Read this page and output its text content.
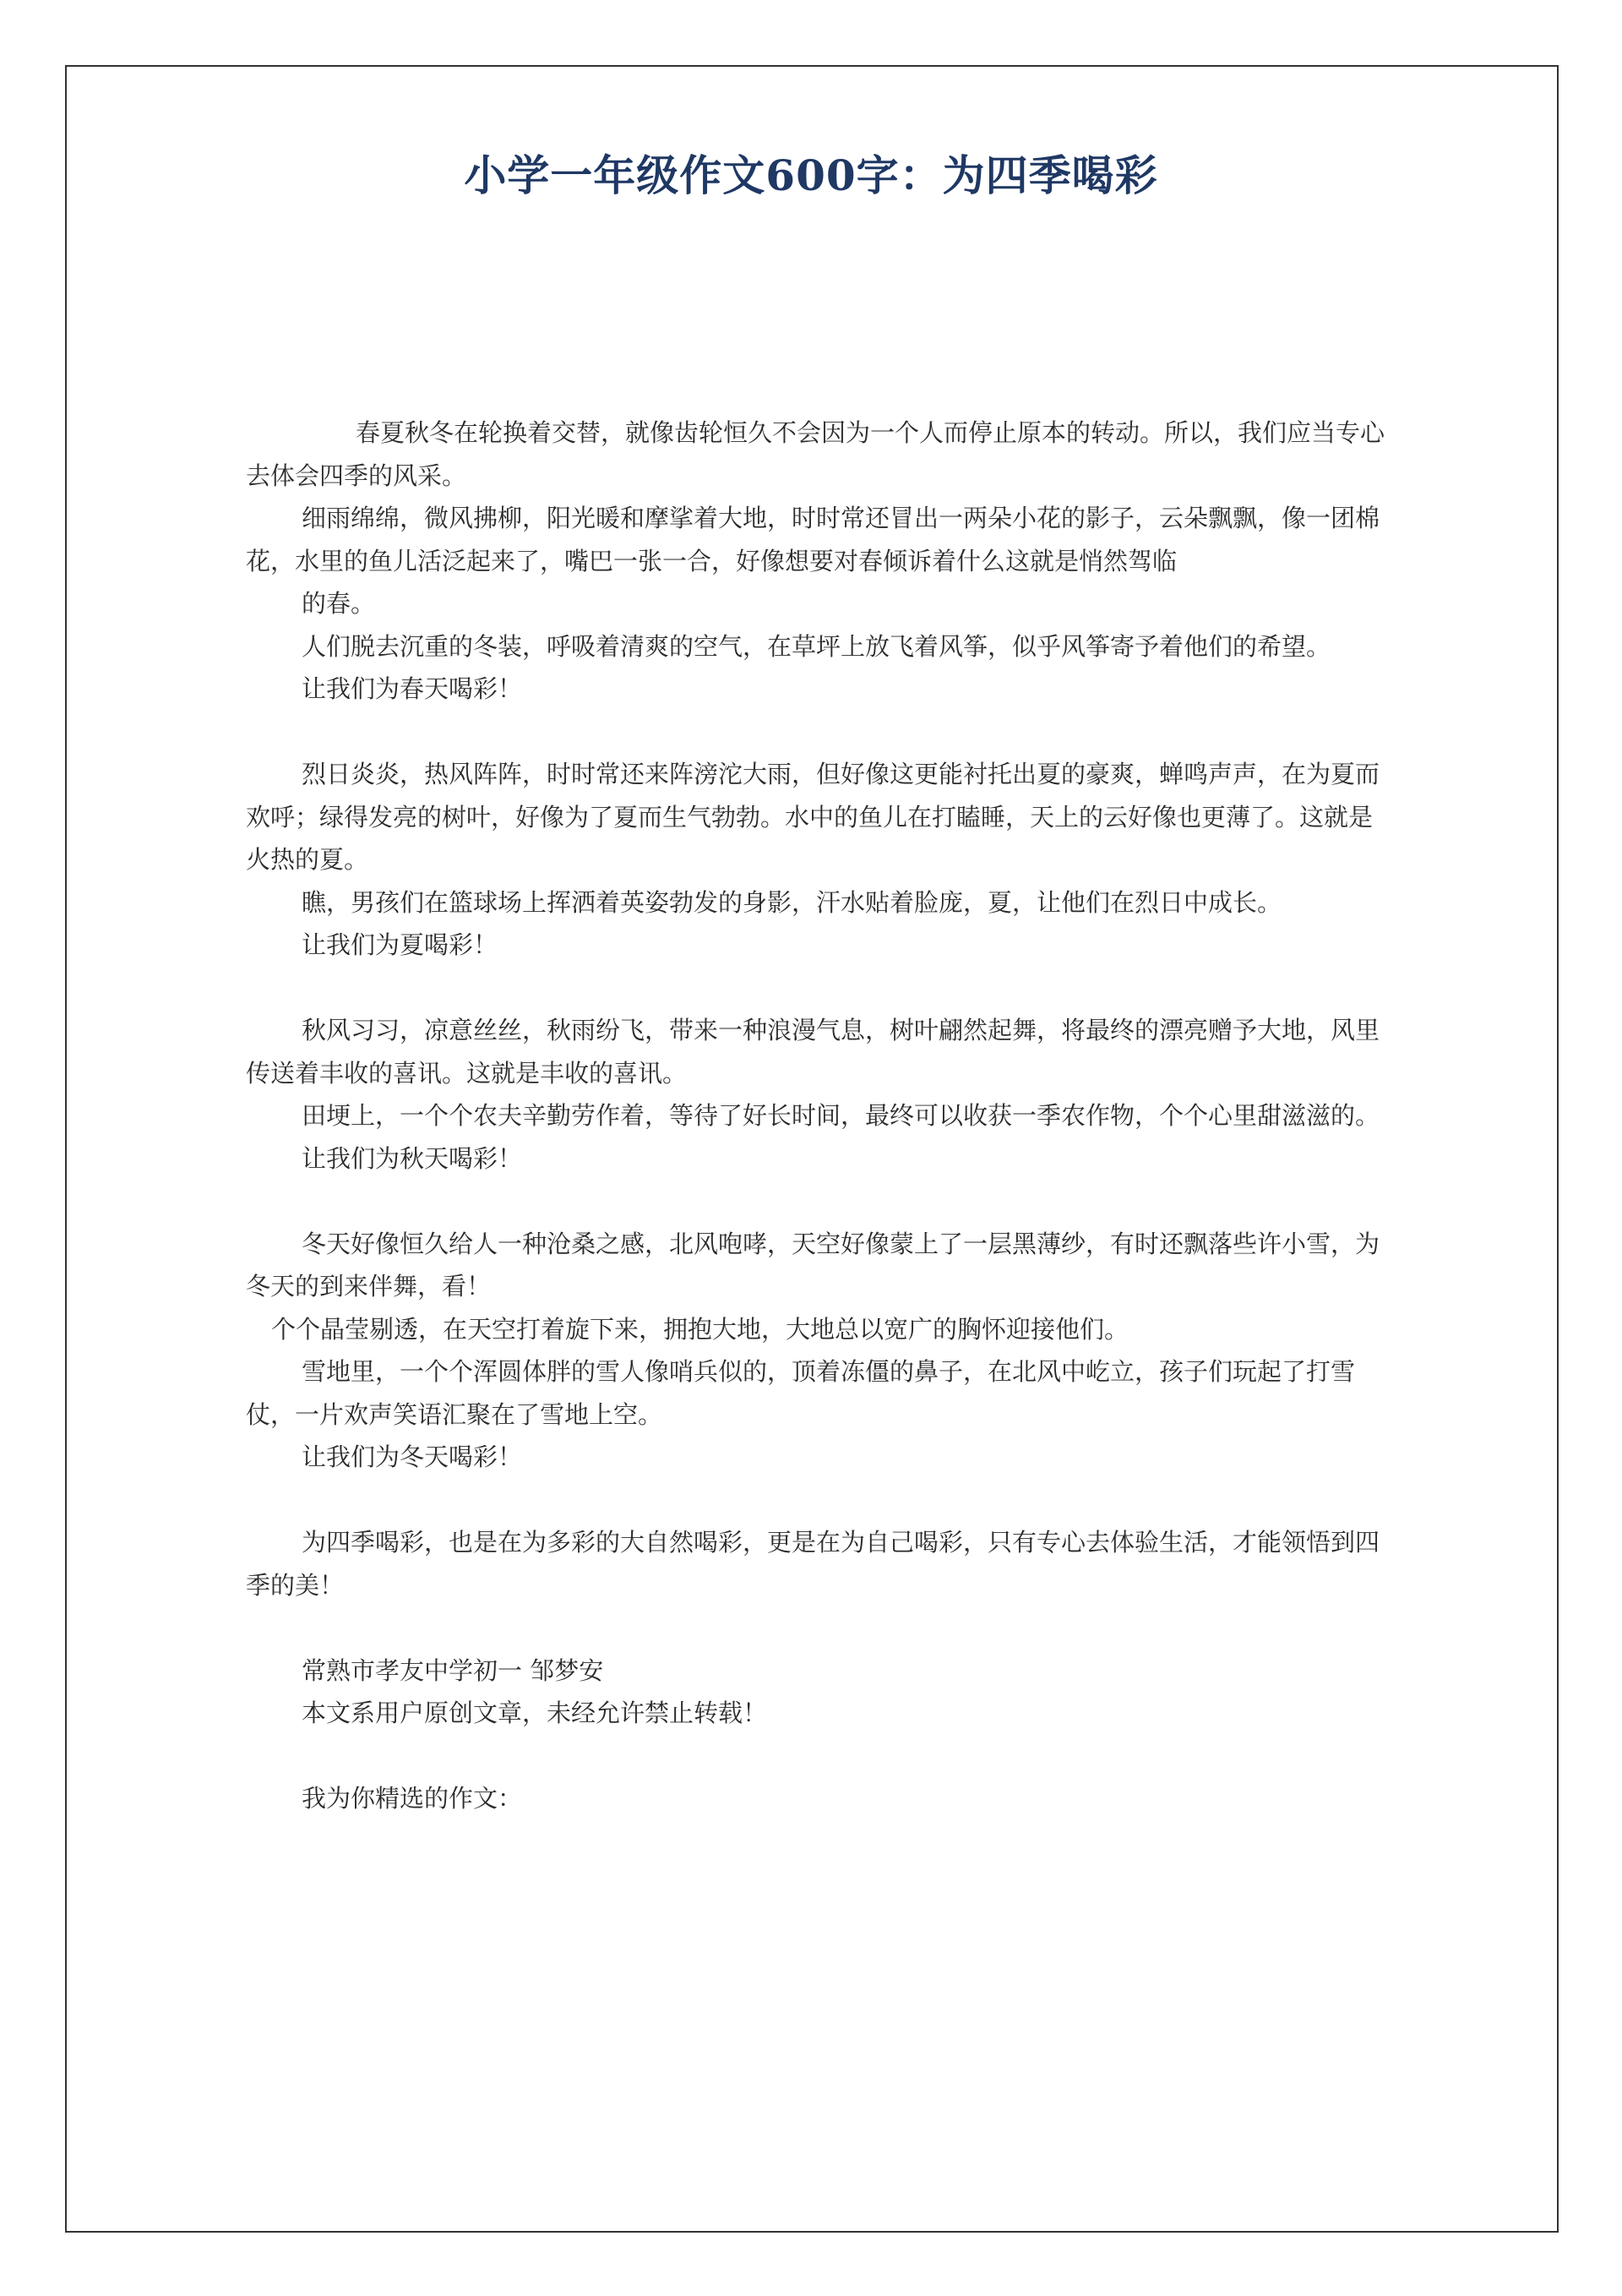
小学一年级作文600字：为四季喝彩

春夏秋冬在轮换着交替，就像齿轮恒久不会因为一个人而停止原本的转动。所以，我们应当专心去体会四季的风采。

细雨绵绵，微风拂柳，阳光暖和摩挲着大地，时时常还冒出一两朵小花的影子，云朵飘飘，像一团棉花，水里的鱼儿活泛起来了，嘴巴一张一合，好像想要对春倾诉着什么这就是悄然驾临

的春。

人们脱去沉重的冬装，呼吸着清爽的空气，在草坪上放飞着风筝，似乎风筝寄予着他们的希望。

让我们为春天喝彩！

烈日炎炎，热风阵阵，时时常还来阵滂沱大雨，但好像这更能衬托出夏的豪爽，蝉鸣声声，在为夏而欢呼；绿得发亮的树叶，好像为了夏而生气勃勃。水中的鱼儿在打瞌睡，天上的云好像也更薄了。这就是火热的夏。

瞧，男孩们在篮球场上挥洒着英姿勃发的身影，汗水贴着脸庞，夏，让他们在烈日中成长。

让我们为夏喝彩！

秋风习习，凉意丝丝，秋雨纷飞，带来一种浪漫气息，树叶翩然起舞，将最终的漂亮赠予大地，风里传送着丰收的喜讯。这就是丰收的喜讯。

田埂上，一个个农夫辛勤劳作着，等待了好长时间，最终可以收获一季农作物，个个心里甜滋滋的。

让我们为秋天喝彩！

冬天好像恒久给人一种沧桑之感，北风咆哮，天空好像蒙上了一层黑薄纱，有时还飘落些许小雪，为冬天的到来伴舞，看！

个个晶莹剔透，在天空打着旋下来，拥抱大地，大地总以宽广的胸怀迎接他们。

雪地里，一个个浑圆体胖的雪人像哨兵似的，顶着冻僵的鼻子，在北风中屹立，孩子们玩起了打雪仗，一片欢声笑语汇聚在了雪地上空。

让我们为冬天喝彩！

为四季喝彩，也是在为多彩的大自然喝彩，更是在为自己喝彩，只有专心去体验生活，才能领悟到四季的美！

常熟市孝友中学初一 邹梦安

本文系用户原创文章，未经允许禁止转载！

我为你精选的作文：
